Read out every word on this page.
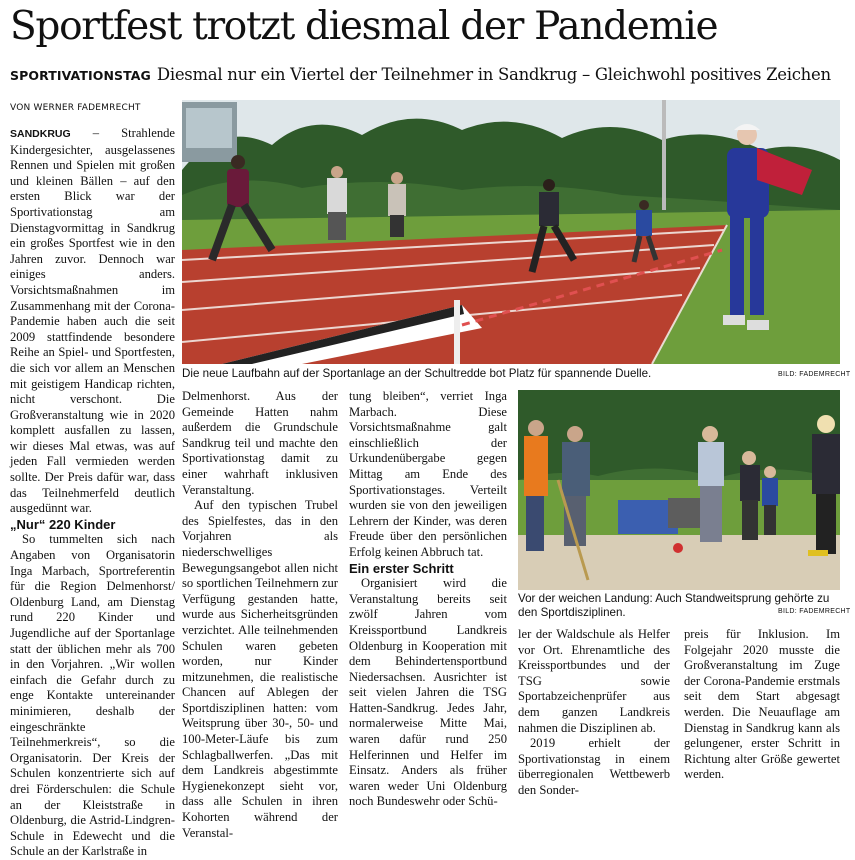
Sportfest trotzt diesmal der Pandemie
SPORTIVATIONSTAG Diesmal nur ein Viertel der Teilnehmer in Sandkrug – Gleichwohl positives Zeichen
VON WERNER FADEMRECHT

SANDKRUG – Strahlende Kindergesichter, ausgelassenes Rennen und Spielen mit großen und kleinen Bällen – auf den ersten Blick war der Sportivationstag am Dienstagvormittag in Sandkrug ein großes Sportfest wie in den Jahren zuvor. Dennoch war einiges anders. Vorsichtsmaßnahmen im Zusammenhang mit der Corona-Pandemie haben auch die seit 2009 stattfindende besondere Reihe an Spiel- und Sportfesten, die sich vor allem an Menschen mit geistigem Handicap richten, nicht verschont. Die Großveranstaltung wie in 2020 komplett ausfallen zu lassen, wir dieses Mal etwas, was auf jeden Fall vermieden werden sollte. Der Preis dafür war, dass das Teilnehmerfeld deutlich ausgedünnt war.

„Nur“ 220 Kinder

So tummelten sich nach Angaben von Organisatorin Inga Marbach, Sportreferentin für die Region Delmenhorst/ Oldenburg Land, am Dienstag rund 220 Kinder und Jugendliche auf der Sportanlage statt der üblichen mehr als 700 in den Vorjahren. „Wir wollen einfach die Gefahr durch zu enge Kontakte untereinander minimieren, deshalb der eingeschränkte Teilnehmerkreis“, so die Organisatorin. Der Kreis der Schulen konzentrierte sich auf drei Förderschulen: die Schule an der Kleiststraße in Oldenburg, die Astrid-Lindgren-Schule in Edewecht und die Schule an der Karlstraße in

Die neue Laufbahn auf der Sportanlage an der Schultredde bot Platz für spannende Duelle.	BILD: FADEMRECHT

Delmenhorst. Aus der Gemeinde Hatten nahm außerdem die Grundschule Sandkrug teil und machte den Sportivationstag damit zu einer wahrhaft inklusiven Veranstaltung.

Auf den typischen Trubel des Spielfestes, das in den Vorjahren als niederschwelliges Bewegungsangebot allen nicht so sportlichen Teilnehmern zur Verfügung gestanden hatte, wurde aus Sicherheitsgründen verzichtet. Alle teilnehmenden Schulen waren gebeten worden, nur Kinder mitzunehmen, die realistische Chancen auf Ablegen der Sportdisziplinen hatten: vom Weitsprung über 30-, 50- und 100-Meter-Läufe bis zum Schlagballwerfen. „Das mit dem Landkreis abgestimmte Hygienekonzept sieht vor, dass alle Schulen in ihren Kohorten während der Veranstal-

tung bleiben“, verriet Inga Marbach. Diese Vorsichtsmaßnahme galt einschließlich der Urkundenübergabe gegen Mittag am Ende des Sportivationstages. Verteilt wurden sie von den jeweiligen Lehrern der Kinder, was deren Freude über den persönlichen Erfolg keinen Abbruch tat.

Ein erster Schritt

Organisiert wird die Veranstaltung bereits seit zwölf Jahren vom Kreissportbund Landkreis Oldenburg in Kooperation mit dem Behindertensportbund Niedersachsen. Ausrichter ist seit vielen Jahren die TSG Hatten-Sandkrug. Jedes Jahr, normalerweise Mitte Mai, waren dafür rund 250 Helferinnen und Helfer im Einsatz. Anders als früher waren weder Uni Oldenburg noch Bundeswehr oder Schü-

Vor der weichen Landung: Auch Standweitsprung gehörte zu den Sportdisziplinen.	BILD: FADEMRECHT

ler der Waldschule als Helfer vor Ort. Ehrenamtliche des Kreissportbundes und der TSG sowie Sportabzeichenprüfer aus dem ganzen Landkreis nahmen die Disziplinen ab.

2019 erhielt der Sportivationstag in einem überregionalen Wettbewerb den Sonder-

preis für Inklusion. Im Folgejahr 2020 musste die Großveranstaltung im Zuge der Corona-Pandemie erstmals seit dem Start abgesagt werden. Die Neuauflage am Dienstag in Sandkrug kann als gelungener, erster Schritt in Richtung alter Größe gewertet werden.
